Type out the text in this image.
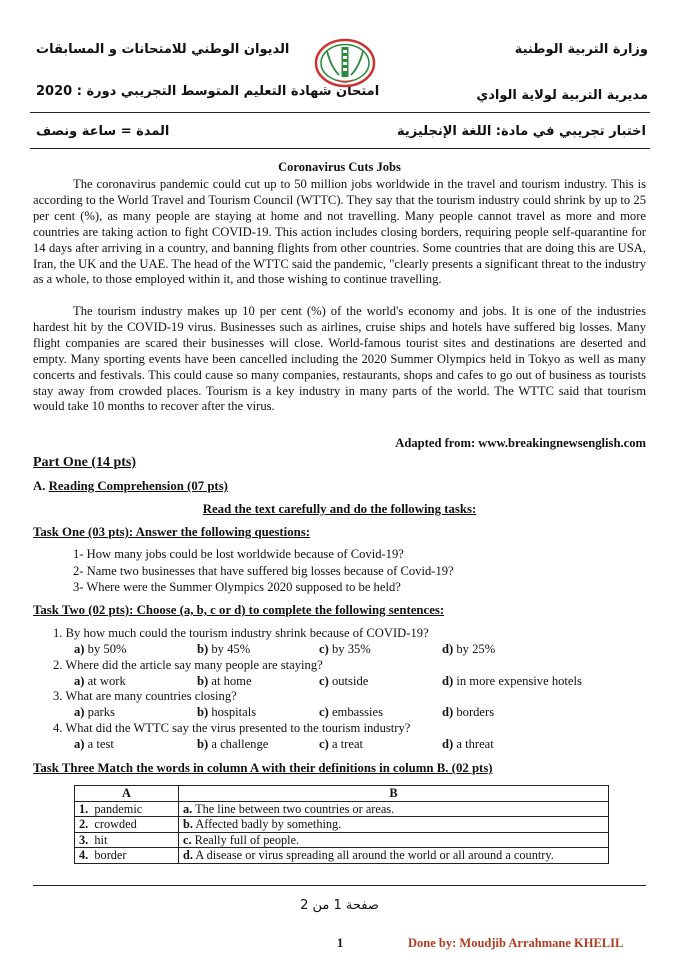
وزارة التربية الوطنية
مديرية التربية لولاية الوادي
الديوان الوطني للامتحانات و المسابقات
امتحان شهادة التعليم المتوسط التجريبي دورة : 2020
اختبار تجريبي في مادة: اللغة الإنجليزية
المدة = ساعة ونصف
Coronavirus Cuts Jobs

The coronavirus pandemic could cut up to 50 million jobs worldwide in the travel and tourism industry. This is according to the World Travel and Tourism Council (WTTC). They say that the tourism industry could shrink by up to 25 per cent (%), as many people are staying at home and not travelling. Many people cannot travel as more and more countries are taking action to fight COVID-19. This action includes closing borders, requiring people self-quarantine for 14 days after arriving in a country, and banning flights from other countries. Some countries that are doing this are USA, Iran, the UK and the UAE. The head of the WTTC said the pandemic, "clearly presents a significant threat to the industry as a whole, to those employed within it, and those wishing to continue travelling.

The tourism industry makes up 10 per cent (%) of the world's economy and jobs. It is one of the industries hardest hit by the COVID-19 virus. Businesses such as airlines, cruise ships and hotels have suffered big losses. Many flight companies are scared their businesses will close. World-famous tourist sites and destinations are deserted and empty. Many sporting events have been cancelled including the 2020 Summer Olympics held in Tokyo as well as many concerts and festivals. This could cause so many companies, restaurants, shops and cafes to go out of business as tourists stay away from crowded places. Tourism is a key industry in many parts of the world. The WTTC said that tourism would take 10 months to recover after the virus.

Adapted from: www.breakingnewsenglish.com
Part One (14 pts)
A. Reading Comprehension (07 pts)
Read the text carefully and do the following tasks:
Task One (03 pts): Answer the following questions:
1- How many jobs could be lost worldwide because of Covid-19?
2- Name two businesses that have suffered big losses because of Covid-19?
3- Where were the Summer Olympics 2020 supposed to be held?
Task Two (02 pts): Choose (a, b, c or d) to complete the following sentences:
1. By how much could the tourism industry shrink because of COVID-19?
a) by 50%	b) by 45%	c) by 35%	d) by 25%
2. Where did the article say many people are staying?
a) at work	b) at home	c) outside	d) in more expensive hotels
3. What are many countries closing?
a) parks	b) hospitals	c) embassies	d) borders
4. What did the WTTC say the virus presented to the tourism industry?
a) a test	b) a challenge	c) a treat	d) a threat
Task Three Match the words in column A with their definitions in column B. (02 pts)
A	B
1. pandemic	a. The line between two countries or areas.
2. crowded	b. Affected badly by something.
3. hit	c. Really full of people.
4. border	d. A disease or virus spreading all around the world or all around a country.
صفحة 1 من 2
1	Done by: Moudjib Arrahmane KHELIL
